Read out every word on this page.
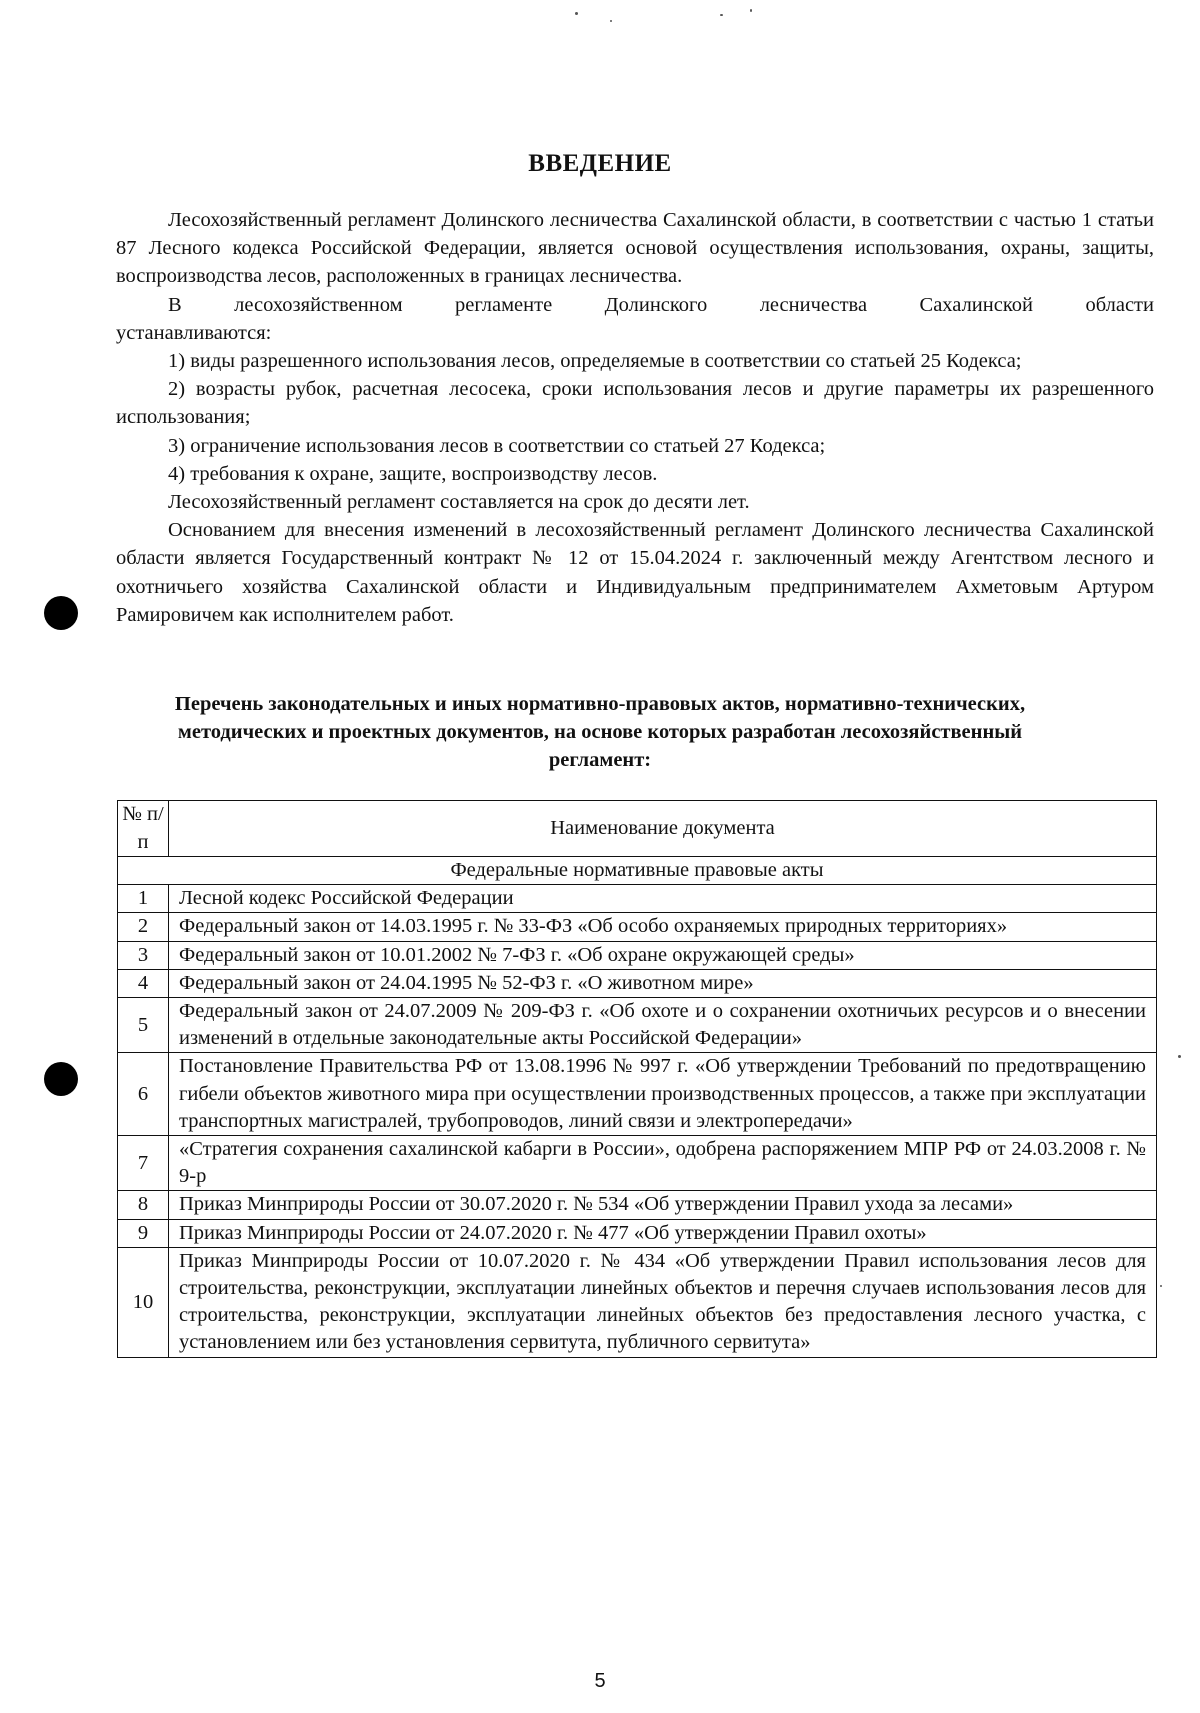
ВВЕДЕНИЕ

Лесохозяйственный регламент Долинского лесничества Сахалинской области, в соответствии с частью 1 статьи 87 Лесного кодекса Российской Федерации, является основой осуществления использования, охраны, защиты, воспроизводства лесов, расположенных в границах лесничества.

В лесохозяйственном регламенте Долинского лесничества Сахалинской области устанавливаются:

1) виды разрешенного использования лесов, определяемые в соответствии со статьей 25 Кодекса;

2) возрасты рубок, расчетная лесосека, сроки использования лесов и другие параметры их разрешенного использования;

3) ограничение использования лесов в соответствии со статьей 27 Кодекса;

4) требования к охране, защите, воспроизводству лесов.

Лесохозяйственный регламент составляется на срок до десяти лет.

Основанием для внесения изменений в лесохозяйственный регламент Долинского лесничества Сахалинской области является Государственный контракт № 12 от 15.04.2024 г. заключенный между Агентством лесного и охотничьего хозяйства Сахалинской области и Индивидуальным предпринимателем Ахметовым Артуром Рамировичем как исполнителем работ.

Перечень законодательных и иных нормативно-правовых актов, нормативно-технических, методических и проектных документов, на основе которых разработан лесохозяйственный регламент:
№ п/п	Наименование документа
Федеральные нормативные правовые акты	
1	Лесной кодекс Российской Федерации
2	Федеральный закон от 14.03.1995 г. № 33-ФЗ «Об особо охраняемых природных территориях»
3	Федеральный закон от 10.01.2002 № 7-ФЗ г. «Об охране окружающей среды»
4	Федеральный закон от 24.04.1995 № 52-ФЗ г. «О животном мире»
5	Федеральный закон от 24.07.2009 № 209-ФЗ г. «Об охоте и о сохранении охотничьих ресурсов и о внесении изменений в отдельные законодательные акты Российской Федерации»
6	Постановление Правительства РФ от 13.08.1996 № 997 г. «Об утверждении Требований по предотвращению гибели объектов животного мира при осуществлении производственных процессов, а также при эксплуатации транспортных магистралей, трубопроводов, линий связи и электропередачи»
7	«Стратегия сохранения сахалинской кабарги в России», одобрена распоряжением МПР РФ от 24.03.2008 г. № 9-р
8	Приказ Минприроды России от 30.07.2020 г. № 534 «Об утверждении Правил ухода за лесами»
9	Приказ Минприроды России от 24.07.2020 г. № 477 «Об утверждении Правил охоты»
10	Приказ Минприроды России от 10.07.2020 г. № 434 «Об утверждении Правил использования лесов для строительства, реконструкции, эксплуатации линейных объектов и перечня случаев использования лесов для строительства, реконструкции, эксплуатации линейных объектов без предоставления лесного участка, с установлением или без установления сервитута, публичного сервитута»
5
